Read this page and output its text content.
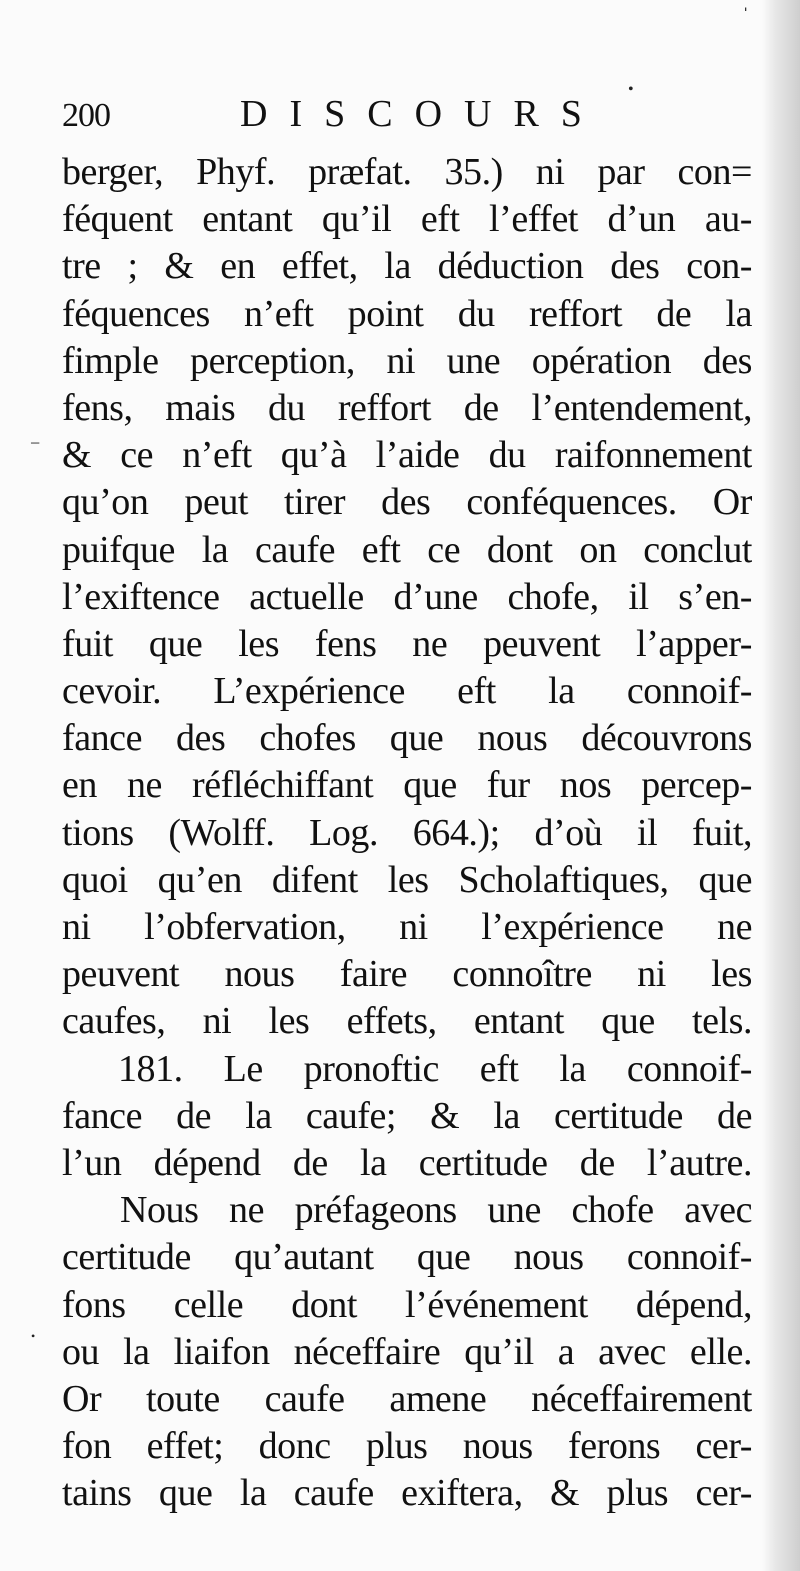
ˈ
•
−
•
200	DISCOURS
berger, Phyf. præfat. 35.) ni par con=
féquent entant qu’il eft l’effet d’un au-
tre ; & en effet, la déduction des con-
féquences n’eft point du reffort de la
fimple perception, ni une opération des
fens, mais du reffort de l’entendement,
& ce n’eft qu’à l’aide du raifonnement
qu’on peut tirer des conféquences. Or
puifque la caufe eft ce dont on conclut
l’exiftence actuelle d’une chofe, il s’en-
fuit que les fens ne peuvent l’apper-
cevoir. L’expérience eft la connoif-
fance des chofes que nous découvrons
en ne réfléchiffant que fur nos percep-
tions (Wolff. Log. 664.); d’où il fuit,
quoi qu’en difent les Scholaftiques, que
ni l’obfervation, ni l’expérience ne
peuvent nous faire connoître ni les
caufes, ni les effets, entant que tels.
181. Le pronoftic eft la connoif-
fance de la caufe; & la certitude de
l’un dépend de la certitude de l’autre.
Nous ne préfageons une chofe avec
certitude qu’autant que nous connoif-
fons celle dont l’événement dépend,
ou la liaifon néceffaire qu’il a avec elle.
Or toute caufe amene néceffairement
fon effet; donc plus nous ferons cer-
tains que la caufe exiftera, & plus cer-
